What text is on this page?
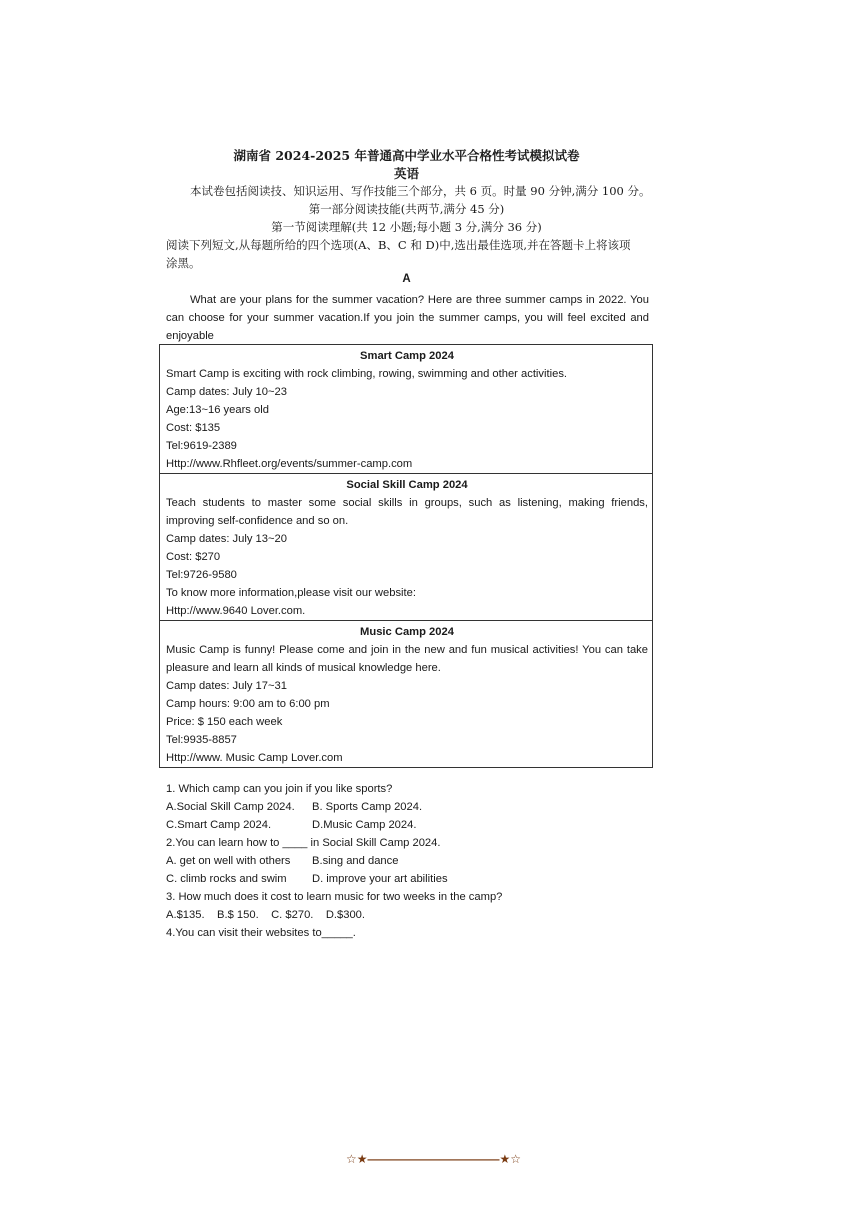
湖南省 2024-2025 年普通高中学业水平合格性考试模拟试卷
英语
本试卷包括阅读技、知识运用、写作技能三个部分，共 6 页。时量 90 分钟,满分 100 分。
第一部分阅读技能(共两节,满分 45 分)
第一节阅读理解(共 12 小题;每小题 3 分,满分 36 分)
阅读下列短文,从每题所给的四个选项(A、B、C 和 D)中,选出最佳选项,并在答题卡上将该项
涂黑。
A

What are your plans for the summer vacation? Here are three summer camps in 2022. You can choose for your summer vacation.If you join the summer camps, you will feel excited and enjoyable

Smart Camp 2024
Smart Camp is exciting with rock climbing, rowing, swimming and other activities.
Camp dates: July 10~23
Age:13~16 years old
Cost: $135
Tel:9619-2389
Http://www.Rhfleet.org/events/summer-camp.com
Social Skill Camp 2024
Teach students to master some social skills in groups, such as listening, making friends, improving self-confidence and so on.
Camp dates: July 13~20
Cost: $270
Tel:9726-9580
To know more information,please visit our website:
Http://www.9640 Lover.com.
Music Camp 2024
Music Camp is funny! Please come and join in the new and fun musical activities! You can take pleasure and learn all kinds of musical knowledge here.
Camp dates: July 17~31
Camp hours: 9:00 am to 6:00 pm
Price: $ 150 each week
Tel:9935-8857
Http://www. Music Camp Lover.com
1. Which camp can you join if you like sports?
A.Social Skill Camp 2024. B. Sports Camp 2024.
C.Smart Camp 2024.	D.Music Camp 2024.
2.You can learn how to ____ in Social Skill Camp 2024.
A. get on well with others B.sing and dance
C. climb rocks and swim D. improve your art abilities
3. How much does it cost to learn music for two weeks in the camp?
A.$135.    B.$ 150.    C. $270.    D.$300.
4.You can visit their websites to_____.
☆★———————————★☆
